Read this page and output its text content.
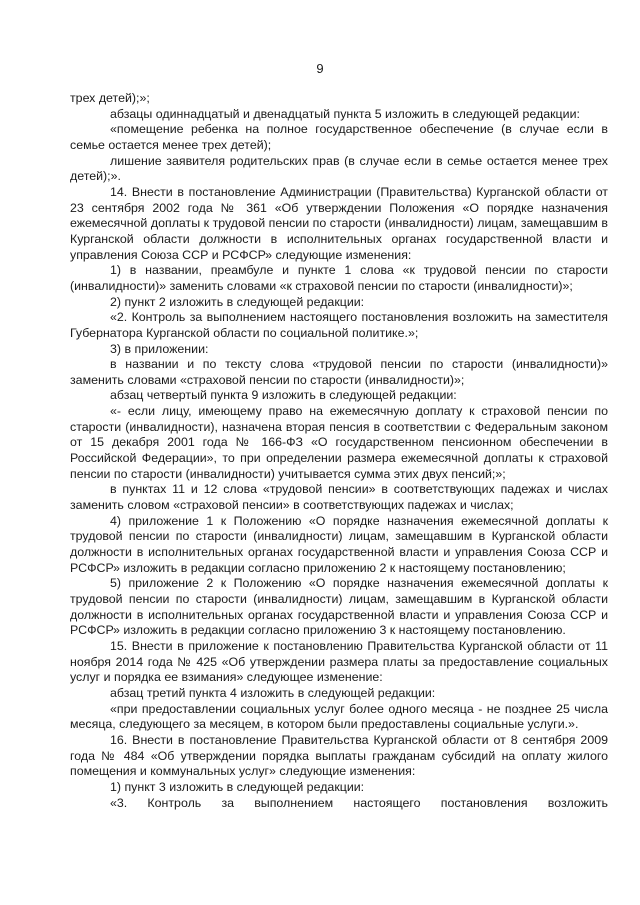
9

трех детей);»;

абзацы одиннадцатый и двенадцатый пункта 5 изложить в следующей редакции:

«помещение ребенка на полное государственное обеспечение (в случае если в семье остается менее трех детей);

лишение заявителя родительских прав (в случае если в семье остается менее трех детей);».

14. Внести в постановление Администрации (Правительства) Курганской области от 23 сентября 2002 года № 361 «Об утверждении Положения «О порядке назначения ежемесячной доплаты к трудовой пенсии по старости (инвалидности) лицам, замещавшим в Курганской области должности в исполнительных органах государственной власти и управления Союза ССР и РСФСР» следующие изменения:

1) в названии, преамбуле и пункте 1 слова «к трудовой пенсии по старости (инвалидности)» заменить словами «к страховой пенсии по старости (инвалидности)»;

2) пункт 2 изложить в следующей редакции:

«2. Контроль за выполнением настоящего постановления возложить на заместителя Губернатора Курганской области по социальной политике.»;

3) в приложении:

в названии и по тексту слова «трудовой пенсии по старости (инвалидности)» заменить словами «страховой пенсии по старости (инвалидности)»;

абзац четвертый пункта 9 изложить в следующей редакции:

«- если лицу, имеющему право на ежемесячную доплату к страховой пенсии по старости (инвалидности), назначена вторая пенсия в соответствии с Федеральным законом от 15 декабря 2001 года № 166-ФЗ «О государственном пенсионном обеспечении в Российской Федерации», то при определении размера ежемесячной доплаты к страховой пенсии по старости (инвалидности) учитывается сумма этих двух пенсий;»;

в пунктах 11 и 12 слова «трудовой пенсии» в соответствующих падежах и числах заменить словом «страховой пенсии» в соответствующих падежах и числах;

4) приложение 1 к Положению «О порядке назначения ежемесячной доплаты к трудовой пенсии по старости (инвалидности) лицам, замещавшим в Курганской области должности в исполнительных органах государственной власти и управления Союза ССР и РСФСР» изложить в редакции согласно приложению 2 к настоящему постановлению;

5) приложение 2 к Положению «О порядке назначения ежемесячной доплаты к трудовой пенсии по старости (инвалидности) лицам, замещавшим в Курганской области должности в исполнительных органах государственной власти и управления Союза ССР и РСФСР» изложить в редакции согласно приложению 3 к настоящему постановлению.

15. Внести в приложение к постановлению Правительства Курганской области от 11 ноября 2014 года № 425 «Об утверждении размера платы за предоставление социальных услуг и порядка ее взимания» следующее изменение:

абзац третий пункта 4 изложить в следующей редакции:

«при предоставлении социальных услуг более одного месяца - не позднее 25 числа месяца, следующего за месяцем, в котором были предоставлены социальные услуги.».

16. Внести в постановление Правительства Курганской области от 8 сентября 2009 года № 484 «Об утверждении порядка выплаты гражданам субсидий на оплату жилого помещения и коммунальных услуг» следующие изменения:

1) пункт 3 изложить в следующей редакции:

«3. Контроль за выполнением настоящего постановления возложить
